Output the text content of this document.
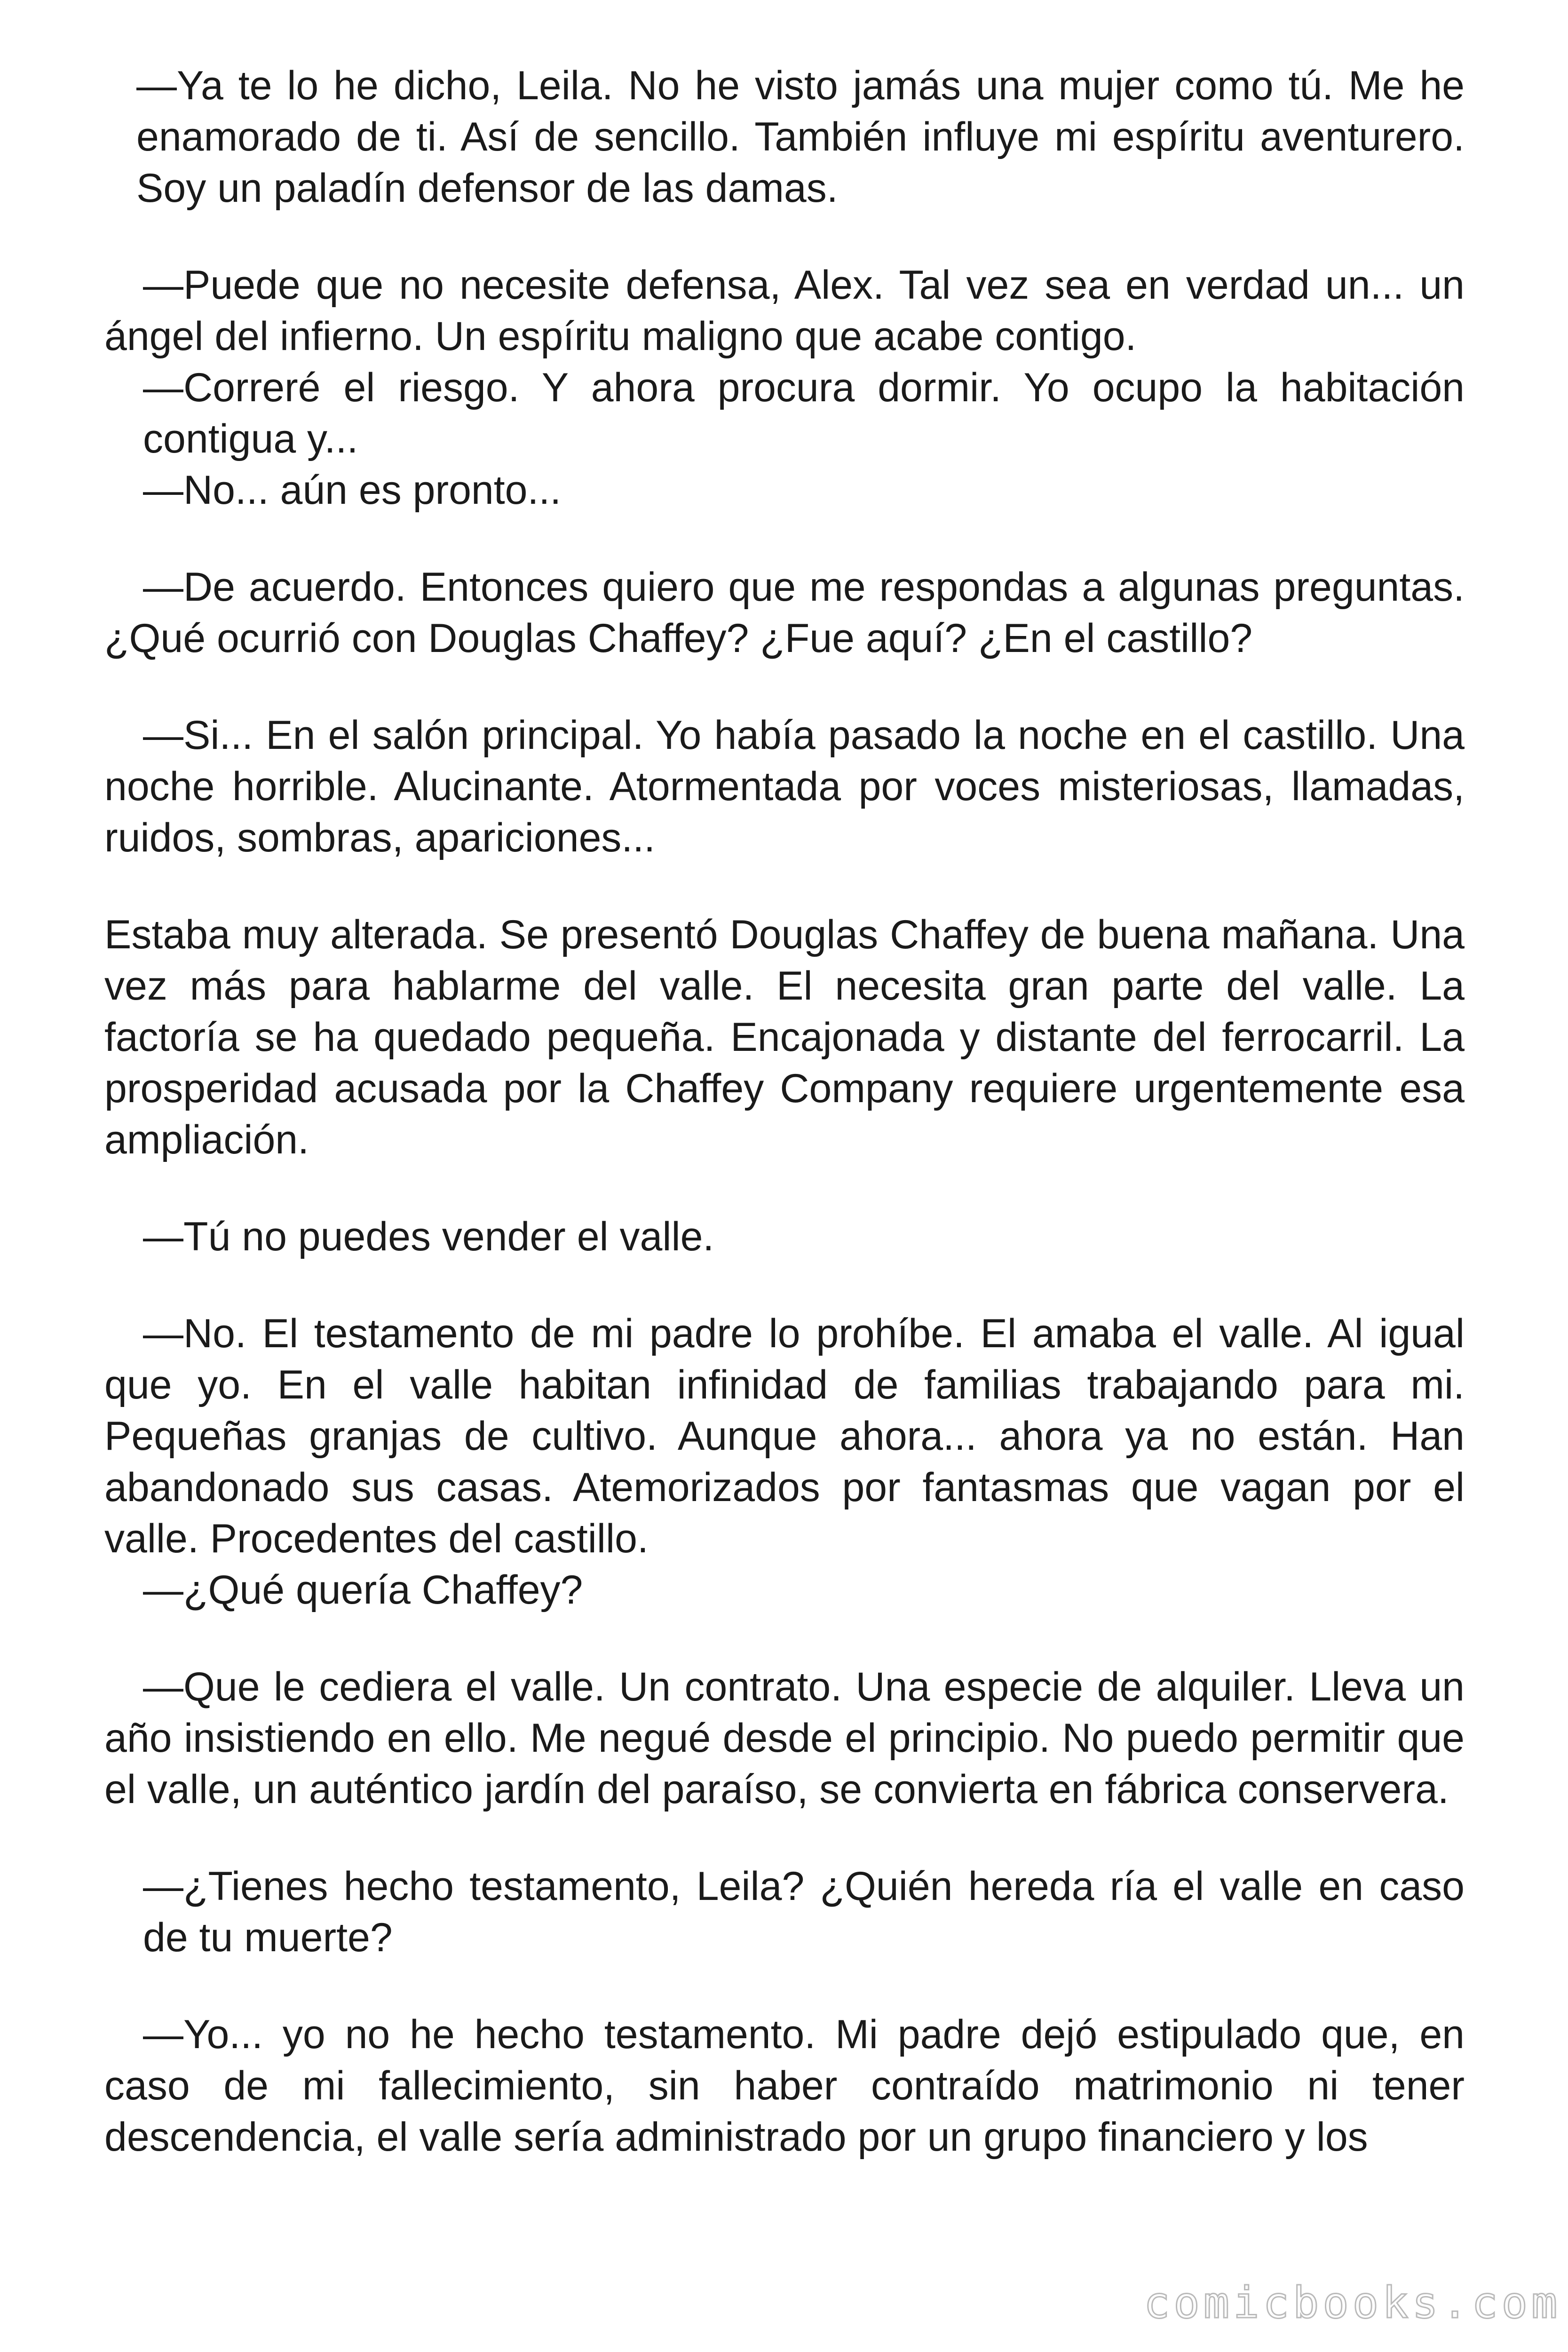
—Ya te lo he dicho, Leila. No he visto jamás una mujer como tú. Me he enamorado de ti. Así de sencillo. También influye mi espíritu aventurero. Soy un paladín defensor de las damas.

—Puede que no necesite defensa, Alex. Tal vez sea en verdad un... un ángel del infierno. Un espíritu maligno que acabe contigo.

—Correré el riesgo. Y ahora procura dormir. Yo ocupo la habitación contigua y...

—No... aún es pronto...

—De acuerdo. Entonces quiero que me respondas a algunas preguntas. ¿Qué ocurrió con Douglas Chaffey? ¿Fue aquí? ¿En el castillo?

—Si... En el salón principal. Yo había pasado la noche en el castillo. Una noche horrible. Alucinante. Atormentada por voces misteriosas, llamadas, ruidos, sombras, apariciones...

Estaba muy alterada. Se presentó Douglas Chaffey de buena mañana. Una vez más para hablarme del valle. El necesita gran parte del valle. La factoría se ha quedado pequeña. Encajonada y distante del ferrocarril. La prosperidad acusada por la Chaffey Company requiere urgentemente esa ampliación.

—Tú no puedes vender el valle.

—No. El testamento de mi padre lo prohíbe. El amaba el valle. Al igual que yo. En el valle habitan infinidad de familias trabajando para mi. Pequeñas granjas de cultivo. Aunque ahora... ahora ya no están. Han abandonado sus casas. Atemorizados por fantasmas que vagan por el valle. Procedentes del castillo.

—¿Qué quería Chaffey?

—Que le cediera el valle. Un contrato. Una especie de alquiler. Lleva un año insistiendo en ello. Me negué desde el principio. No puedo permitir que el valle, un auténtico jardín del paraíso, se convierta en fábrica conservera.

—¿Tienes hecho testamento, Leila? ¿Quién hereda ría el valle en caso de tu muerte?

—Yo... yo no he hecho testamento. Mi padre dejó estipulado que, en caso de mi fallecimiento, sin haber contraído matrimonio ni tener descendencia, el valle sería administrado por un grupo financiero y los

comicbooks.com
